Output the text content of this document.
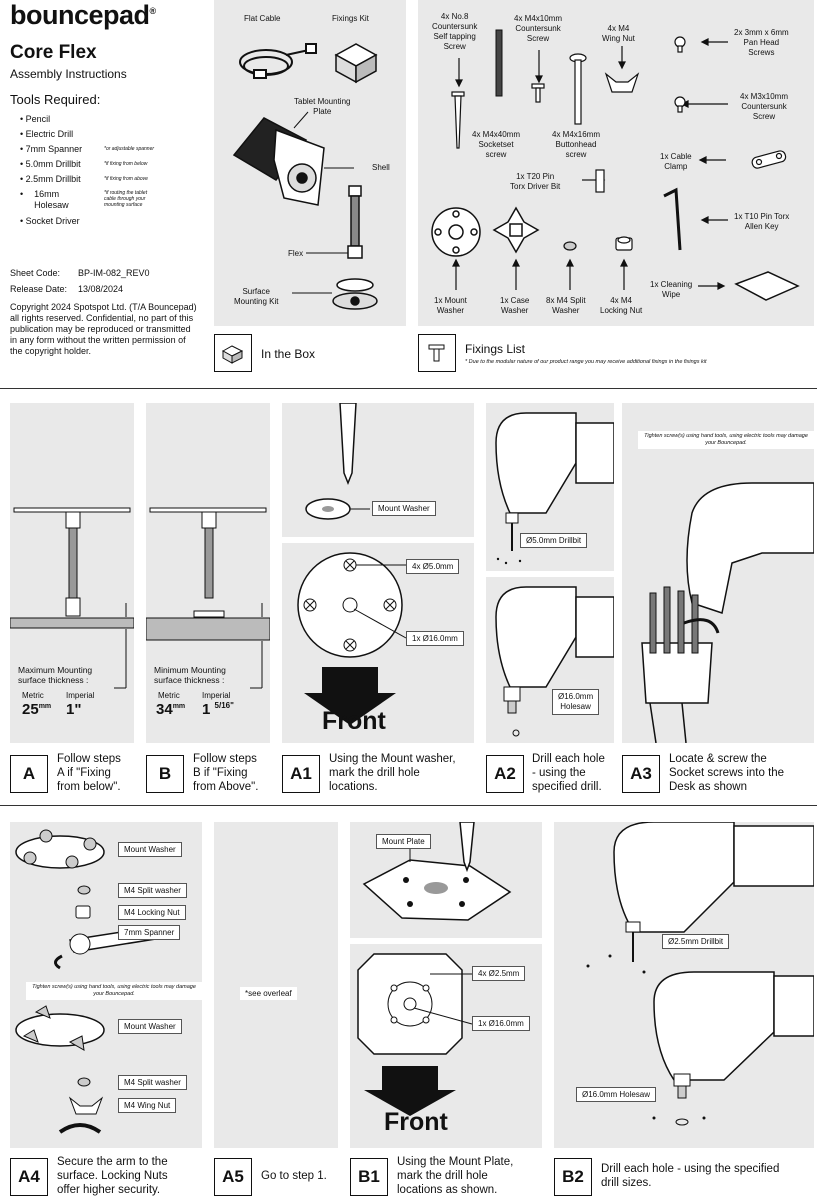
bouncepad®
Core Flex
Assembly Instructions
Tools Required:
• Pencil
• Electric Drill
• 7mm Spanner	*or adjustable spanner
• 5.0mm Drillbit	*if fixing from below
• 2.5mm Drillbit	*if fixing from above
•  16mm
Holesaw
*if routing the tablet
cable through your
mounting surface
• Socket Driver
Sheet Code: BP-IM-082_REV0
Release Date: 13/08/2024
Copyright 2024 Spotspot Ltd. (T/A Bouncepad) all rights reserved. Confidential, no part of this publication may be reproduced or transmitted in any form without the written permission of the copyright holder.
Flat Cable	Fixings Kit
Tablet Mounting
Plate
Shell
Flex
Surface
Mounting Kit
In the Box
4x No.8
Countersunk
Self tapping
Screw
4x M4x10mm
Countersunk
Screw
4x M4
Wing Nut
2x 3mm x 6mm
Pan Head
Screws
4x M3x10mm
Countersunk
Screw
4x M4x40mm
Socketset
screw
4x M4x16mm
Buttonhead
screw	1x Cable
Clamp
1x T20 Pin
Torx Driver Bit
1x T10 Pin Torx
Allen Key
1x Mount
Washer
1x Case
Washer
8x M4 Split
Washer
4x M4
Locking Nut
1x Cleaning
Wipe
Fixings List
* Due to the modular nature of our product range you may receive additional fixings in the fixings kit
Maximum Mounting
surface thickness :
Metric	Imperial
$25^{mm}$ 1"
Minimum Mounting
surface thickness :
Metric	Imperial
$34^{mm}$ 1 $^{5/16"}$
Mount Washer
4x Ø5.0mm
1x Ø16.0mm
Front
Ø5.0mm Drillbit
Ø16.0mm
Holesaw
Tighten screw(s) using hand tools, using electric tools may damage your Bouncepad.
A
Follow steps
A if "Fixing
from below".
B
Follow steps
B if "Fixing
from Above".
A1
Using the Mount washer,
mark the drill hole
locations.
A2
Drill each hole
- using the
specified drill.
A3
Locate & screw the
Socket screws into the
Desk as shown
Mount Washer
M4 Split washer
M4 Locking Nut
7mm Spanner
Tighten screw(s) using hand tools, using electric tools may damage your Bouncepad.
Mount Washer
M4 Split washer
M4 Wing Nut
*see overleaf
Mount Plate
4x Ø2.5mm
1x Ø16.0mm
Front
Ø2.5mm Drillbit
Ø16.0mm Holesaw
A4
Secure the arm to the
surface. Locking Nuts
offer higher security.
A5	Go to step 1.	B1
Using the Mount Plate,
mark the drill hole
locations as shown.
B2	Drill each hole - using the specified
drill sizes.
